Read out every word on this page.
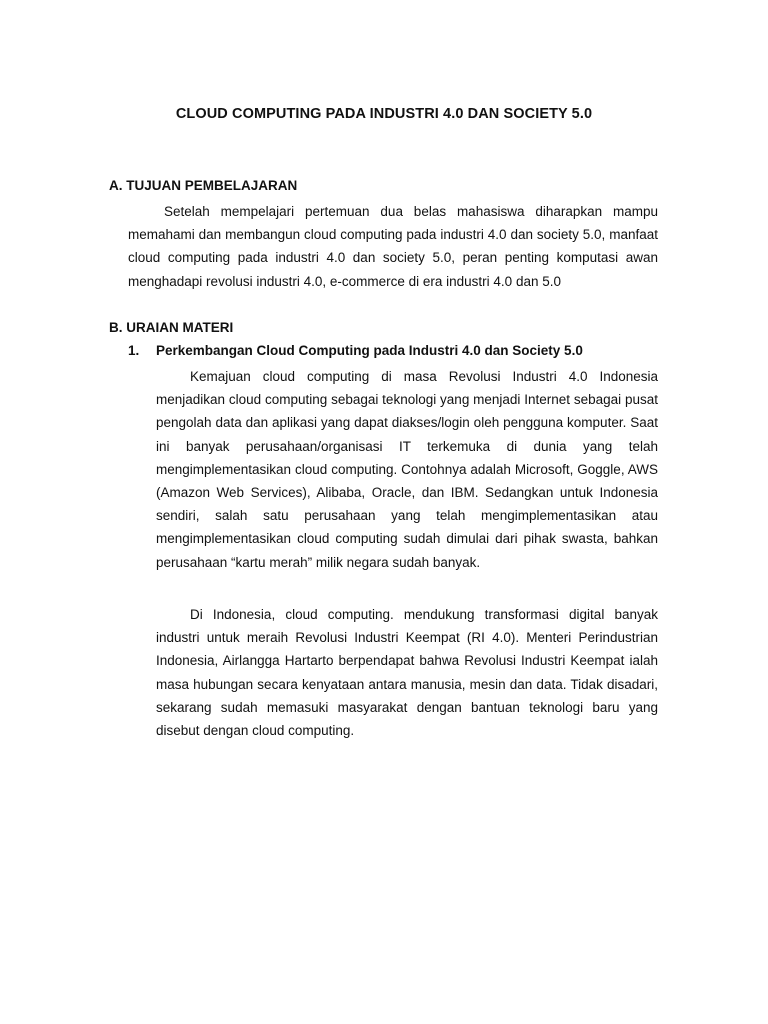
CLOUD COMPUTING PADA INDUSTRI 4.0 DAN SOCIETY 5.0
A. TUJUAN PEMBELAJARAN

Setelah mempelajari pertemuan dua belas mahasiswa diharapkan mampu memahami dan membangun cloud computing pada industri 4.0 dan society 5.0, manfaat cloud computing pada industri 4.0 dan society 5.0, peran penting komputasi awan menghadapi revolusi industri 4.0, e-commerce di era industri 4.0 dan 5.0

B. URAIAN MATERI
1. Perkembangan Cloud Computing pada Industri 4.0 dan Society 5.0

Kemajuan cloud computing di masa Revolusi Industri 4.0 Indonesia menjadikan cloud computing sebagai teknologi yang menjadi Internet sebagai pusat pengolah data dan aplikasi yang dapat diakses/login oleh pengguna komputer. Saat ini banyak perusahaan/organisasi IT terkemuka di dunia yang telah mengimplementasikan cloud computing. Contohnya adalah Microsoft, Goggle, AWS (Amazon Web Services), Alibaba, Oracle, dan IBM. Sedangkan untuk Indonesia sendiri, salah satu perusahaan yang telah mengimplementasikan atau mengimplementasikan cloud computing sudah dimulai dari pihak swasta, bahkan perusahaan “kartu merah” milik negara sudah banyak.

Di Indonesia, cloud computing. mendukung transformasi digital banyak industri untuk meraih Revolusi Industri Keempat (RI 4.0). Menteri Perindustrian Indonesia, Airlangga Hartarto berpendapat bahwa Revolusi Industri Keempat ialah masa hubungan secara kenyataan antara manusia, mesin dan data. Tidak disadari, sekarang sudah memasuki masyarakat dengan bantuan teknologi baru yang disebut dengan cloud computing.
